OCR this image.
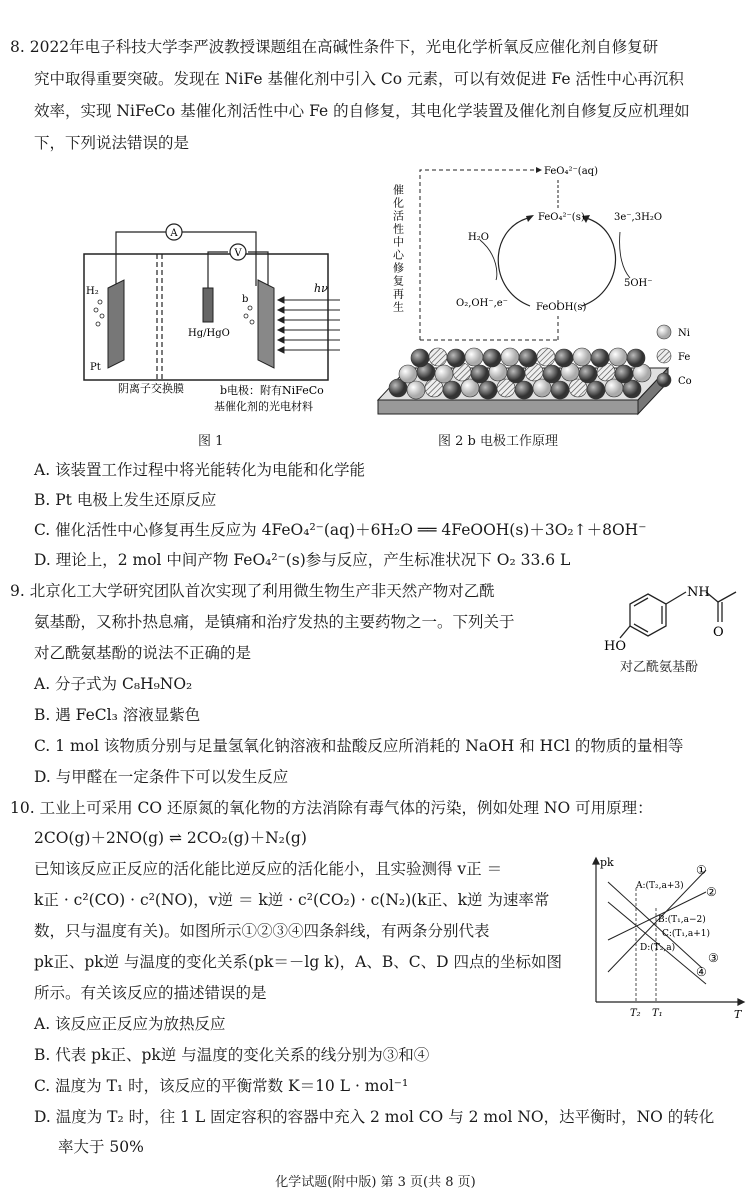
8. 2022年电子科技大学李严波教授课题组在高碱性条件下，光电化学析氧反应催化剂自修复研
究中取得重要突破。发现在 NiFe 基催化剂中引入 Co 元素，可以有效促进 Fe 活性中心再沉积
效率，实现 NiFeCo 基催化剂活性中心 Fe 的自修复，其电化学装置及催化剂自修复反应机理如
下，下列说法错误的是
A
V
hν
H₂
Pt
Hg/HgO
b
阴离子交换膜	b电极：附有NiFeCo
基催化剂的光电材料
图 1
催化活性中心修复再生
FeO₄²⁻(aq)
FeO₄²⁻(s)
FeOOH(s)
H₂O
O₂,OH⁻,e⁻
3e⁻,3H₂O
5OH⁻
Ni
Fe
Co
图 2 b 电极工作原理
A. 该装置工作过程中将光能转化为电能和化学能
B. Pt 电极上发生还原反应
C. 催化活性中心修复再生反应为 4FeO₄²⁻(aq)＋6H₂O ══ 4FeOOH(s)＋3O₂↑＋8OH⁻
D. 理论上，2 mol 中间产物 FeO₄²⁻(s)参与反应，产生标准状况下 O₂ 33.6 L
9. 北京化工大学研究团队首次实现了利用微生物生产非天然产物对乙酰
氨基酚，又称扑热息痛，是镇痛和治疗发热的主要药物之一。下列关于
对乙酰氨基酚的说法不正确的是
NH
O
HO
对乙酰氨基酚
A. 分子式为 C₈H₉NO₂
B. 遇 FeCl₃ 溶液显紫色
C. 1 mol 该物质分别与足量氢氧化钠溶液和盐酸反应所消耗的 NaOH 和 HCl 的物质的量相等
D. 与甲醛在一定条件下可以发生反应
10. 工业上可采用 CO 还原氮的氧化物的方法消除有毒气体的污染，例如处理 NO 可用原理：
2CO(g)＋2NO(g) ⇌ 2CO₂(g)＋N₂(g)
已知该反应正反应的活化能比逆反应的活化能小，且实验测得 v正 ＝
k正 · c²(CO) · c²(NO)，v逆 ＝ k逆 · c²(CO₂) · c(N₂)(k正、k逆 为速率常
数，只与温度有关)。如图所示①②③④四条斜线，有两条分别代表
pk正、pk逆 与温度的变化关系(pk＝－lg k)，A、B、C、D 四点的坐标如图
所示。有关该反应的描述错误的是
pk
T
T₂ T₁
①
②
③
④
A:(T₂,a+3)
B:(T₁,a−2)
C:(T₁,a+1)
D:(T₂,a)
A. 该反应正反应为放热反应
B. 代表 pk正、pk逆 与温度的变化关系的线分别为③和④
C. 温度为 T₁ 时，该反应的平衡常数 K＝10 L · mol⁻¹
D. 温度为 T₂ 时，往 1 L 固定容积的容器中充入 2 mol CO 与 2 mol NO，达平衡时，NO 的转化
率大于 50%
化学试题(附中版) 第 3 页(共 8 页)
